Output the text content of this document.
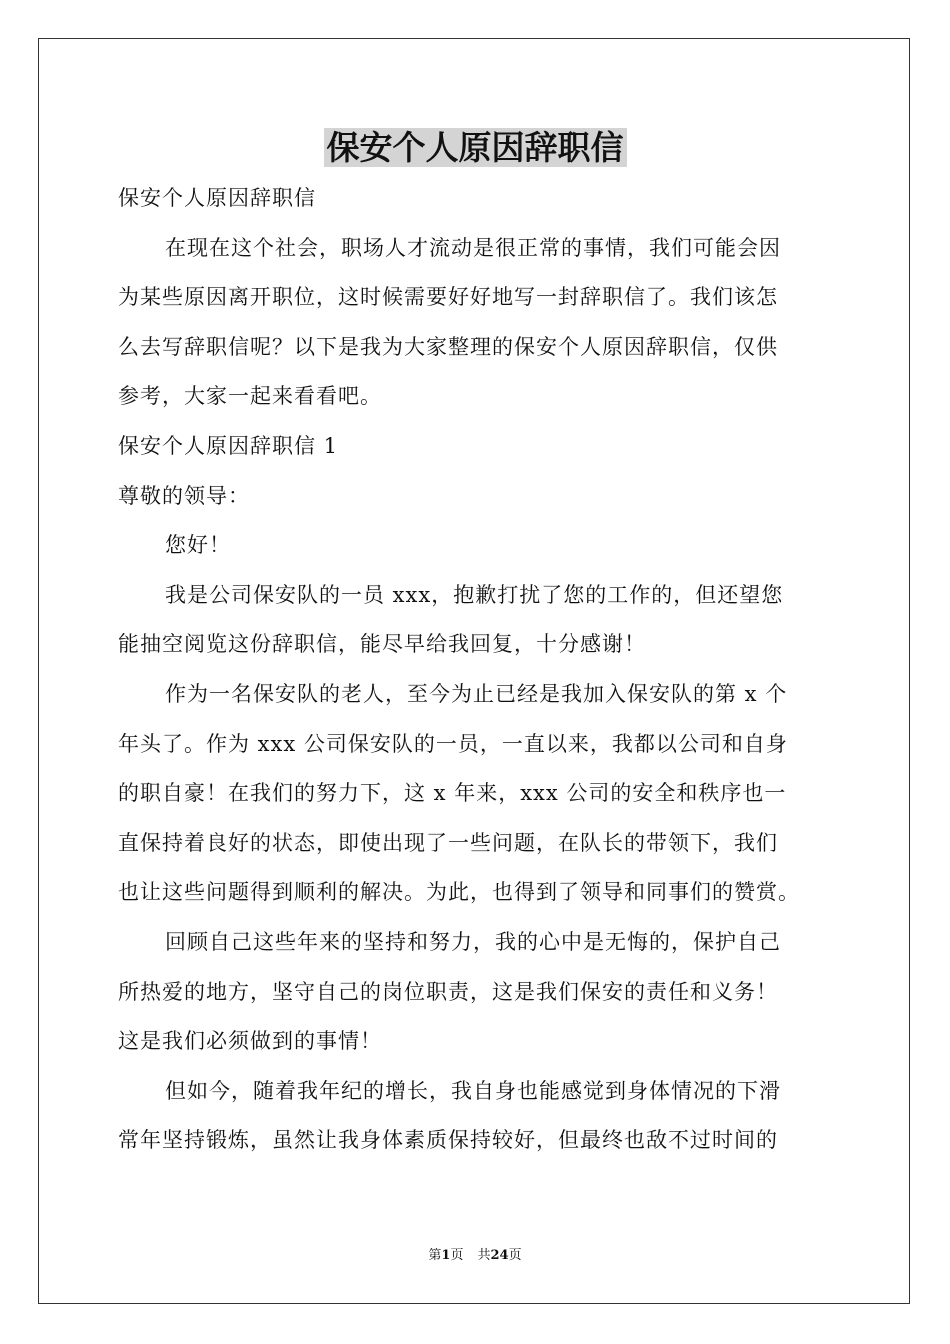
保安个人原因辞职信

保安个人原因辞职信

在现在这个社会，职场人才流动是很正常的事情，我们可能会因

为某些原因离开职位，这时候需要好好地写一封辞职信了。我们该怎

么去写辞职信呢？以下是我为大家整理的保安个人原因辞职信，仅供

参考，大家一起来看看吧。

保安个人原因辞职信 1

尊敬的领导：

您好！

我是公司保安队的一员 xxx，抱歉打扰了您的工作的，但还望您

能抽空阅览这份辞职信，能尽早给我回复，十分感谢！

作为一名保安队的老人，至今为止已经是我加入保安队的第 x 个

年头了。作为 xxx 公司保安队的一员，一直以来，我都以公司和自身

的职自豪！在我们的努力下，这 x 年来，xxx 公司的安全和秩序也一

直保持着良好的状态，即使出现了一些问题，在队长的带领下，我们

也让这些问题得到顺利的解决。为此，也得到了领导和同事们的赞赏。

回顾自己这些年来的坚持和努力，我的心中是无悔的，保护自己

所热爱的地方，坚守自己的岗位职责，这是我们保安的责任和义务！

这是我们必须做到的事情！

但如今，随着我年纪的增长，我自身也能感觉到身体情况的下滑

常年坚持锻炼，虽然让我身体素质保持较好，但最终也敌不过时间的

第1页 共24页
